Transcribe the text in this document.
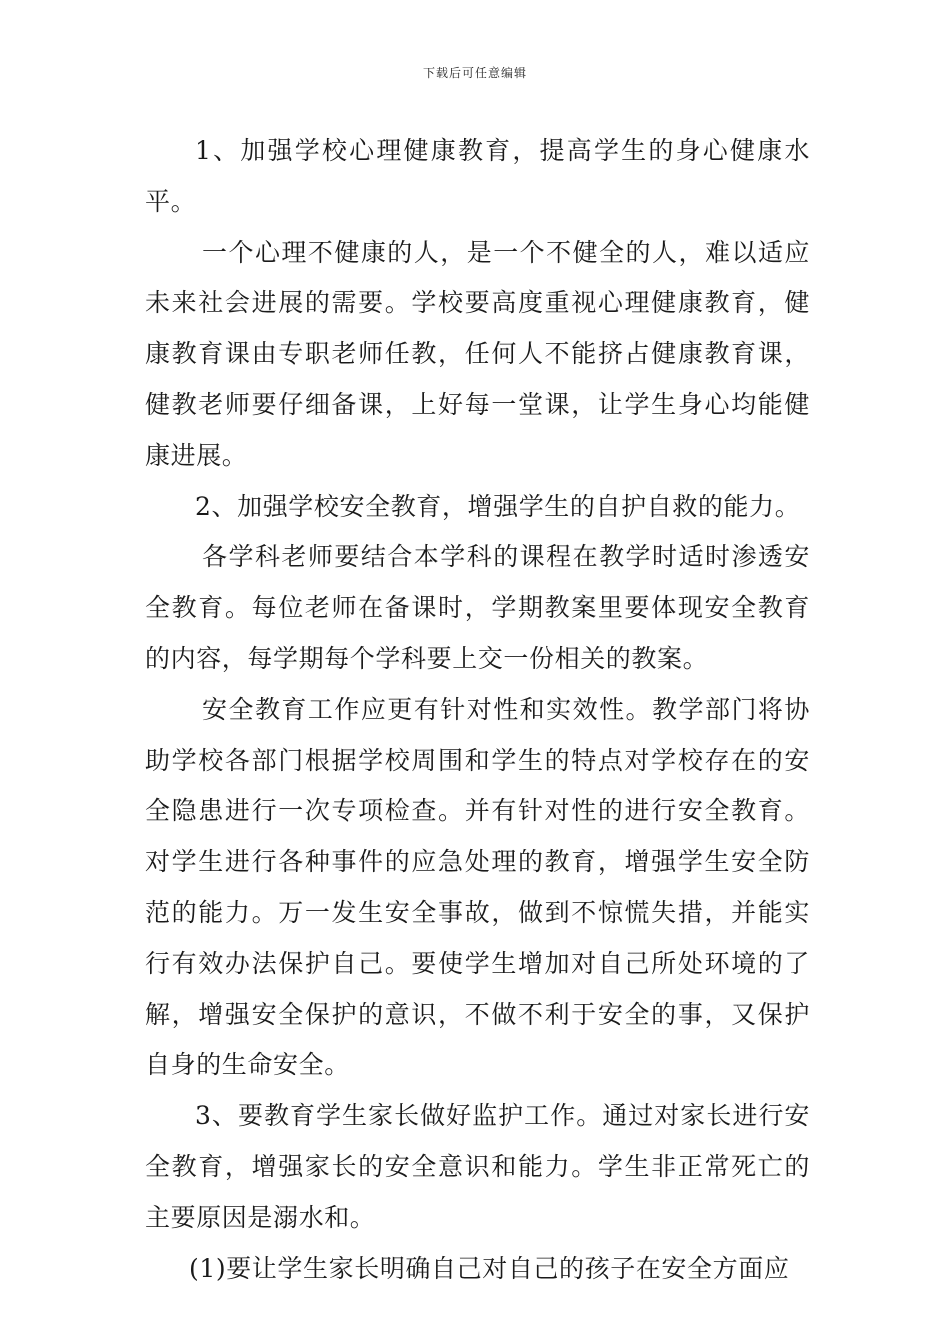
下载后可任意编辑

1、加强学校心理健康教育，提高学生的身心健康水平。

一个心理不健康的人，是一个不健全的人，难以适应未来社会进展的需要。学校要高度重视心理健康教育，健康教育课由专职老师任教，任何人不能挤占健康教育课，健教老师要仔细备课，上好每一堂课，让学生身心均能健康进展。

2、加强学校安全教育，增强学生的自护自救的能力。

各学科老师要结合本学科的课程在教学时适时渗透安全教育。每位老师在备课时，学期教案里要体现安全教育的内容，每学期每个学科要上交一份相关的教案。

安全教育工作应更有针对性和实效性。教学部门将协助学校各部门根据学校周围和学生的特点对学校存在的安全隐患进行一次专项检查。并有针对性的进行安全教育。对学生进行各种事件的应急处理的教育，增强学生安全防范的能力。万一发生安全事故，做到不惊慌失措，并能实行有效办法保护自己。要使学生增加对自己所处环境的了解，增强安全保护的意识，不做不利于安全的事，又保护自身的生命安全。

3、要教育学生家长做好监护工作。通过对家长进行安全教育，增强家长的安全意识和能力。学生非正常死亡的主要原因是溺水和。

(1)要让学生家长明确自己对自己的孩子在安全方面应
